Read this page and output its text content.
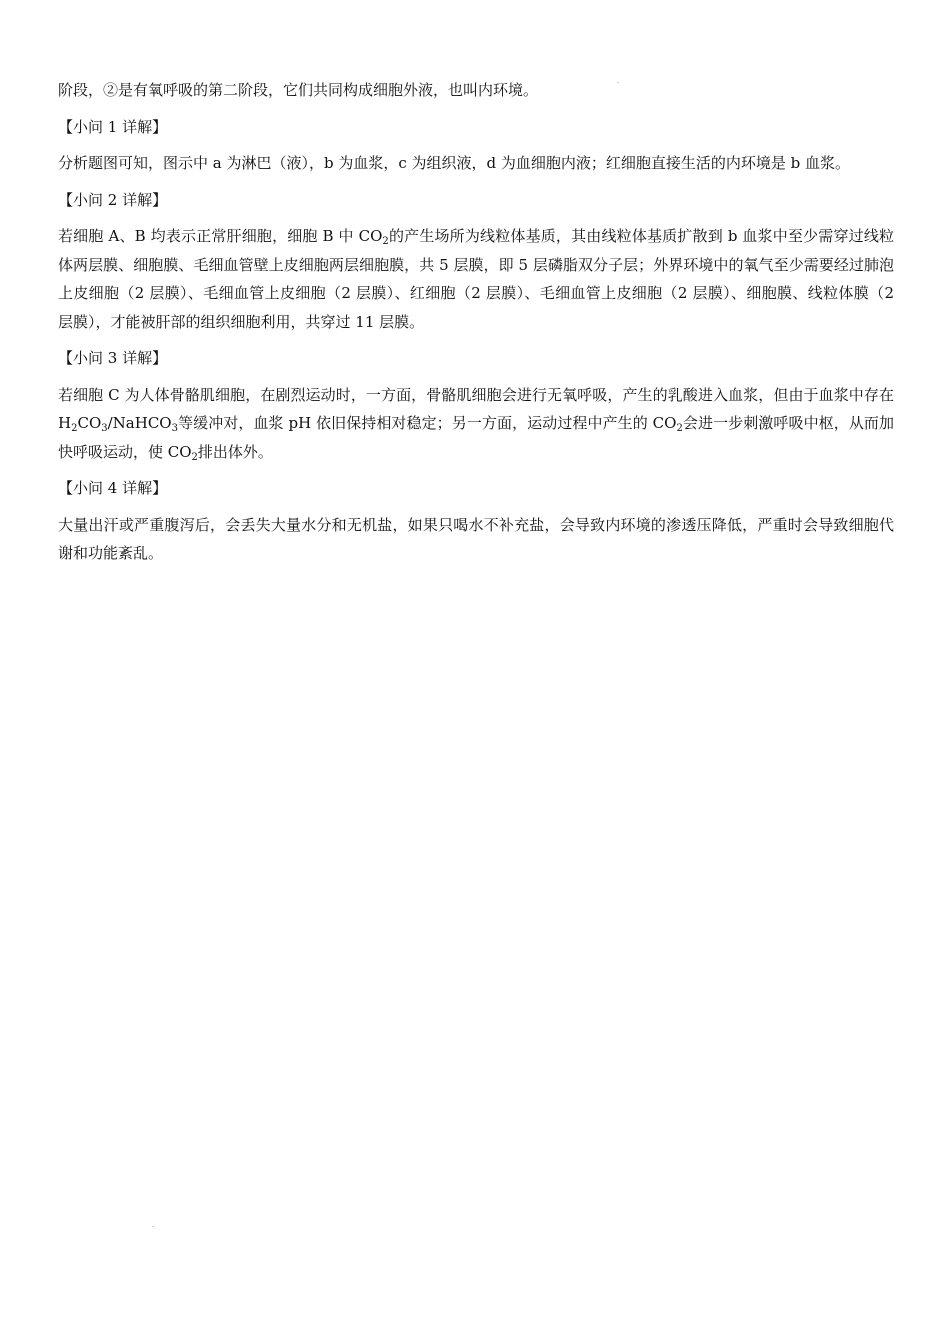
阶段，②是有氧呼吸的第二阶段，它们共同构成细胞外液，也叫内环境。

【小问 1 详解】

分析题图可知，图示中 a 为淋巴（液），b 为血浆，c 为组织液，d 为血细胞内液；红细胞直接生活的内环境是 b 血浆。

【小问 2 详解】

若细胞 A、B 均表示正常肝细胞，细胞 B 中 $CO_2$的产生场所为线粒体基质，其由线粒体基质扩散到 b 血浆中至少需穿过线粒体两层膜、细胞膜、毛细血管壁上皮细胞两层细胞膜，共 5 层膜，即 5 层磷脂双分子层；外界环境中的氧气至少需要经过肺泡上皮细胞（2 层膜）、毛细血管上皮细胞（2 层膜）、红细胞（2 层膜）、毛细血管上皮细胞（2 层膜）、细胞膜、线粒体膜（2 层膜），才能被肝部的组织细胞利用，共穿过 11 层膜。

【小问 3 详解】

若细胞 C 为人体骨骼肌细胞，在剧烈运动时，一方面，骨骼肌细胞会进行无氧呼吸，产生的乳酸进入血浆，但由于血浆中存在 $H_2CO_3/NaHCO_3$等缓冲对，血浆 pH 依旧保持相对稳定；另一方面，运动过程中产生的 $CO_2$会进一步刺激呼吸中枢，从而加快呼吸运动，使 $CO_2$排出体外。

【小问 4 详解】

大量出汗或严重腹泻后，会丢失大量水分和无机盐，如果只喝水不补充盐，会导致内环境的渗透压降低，严重时会导致细胞代谢和功能紊乱。
